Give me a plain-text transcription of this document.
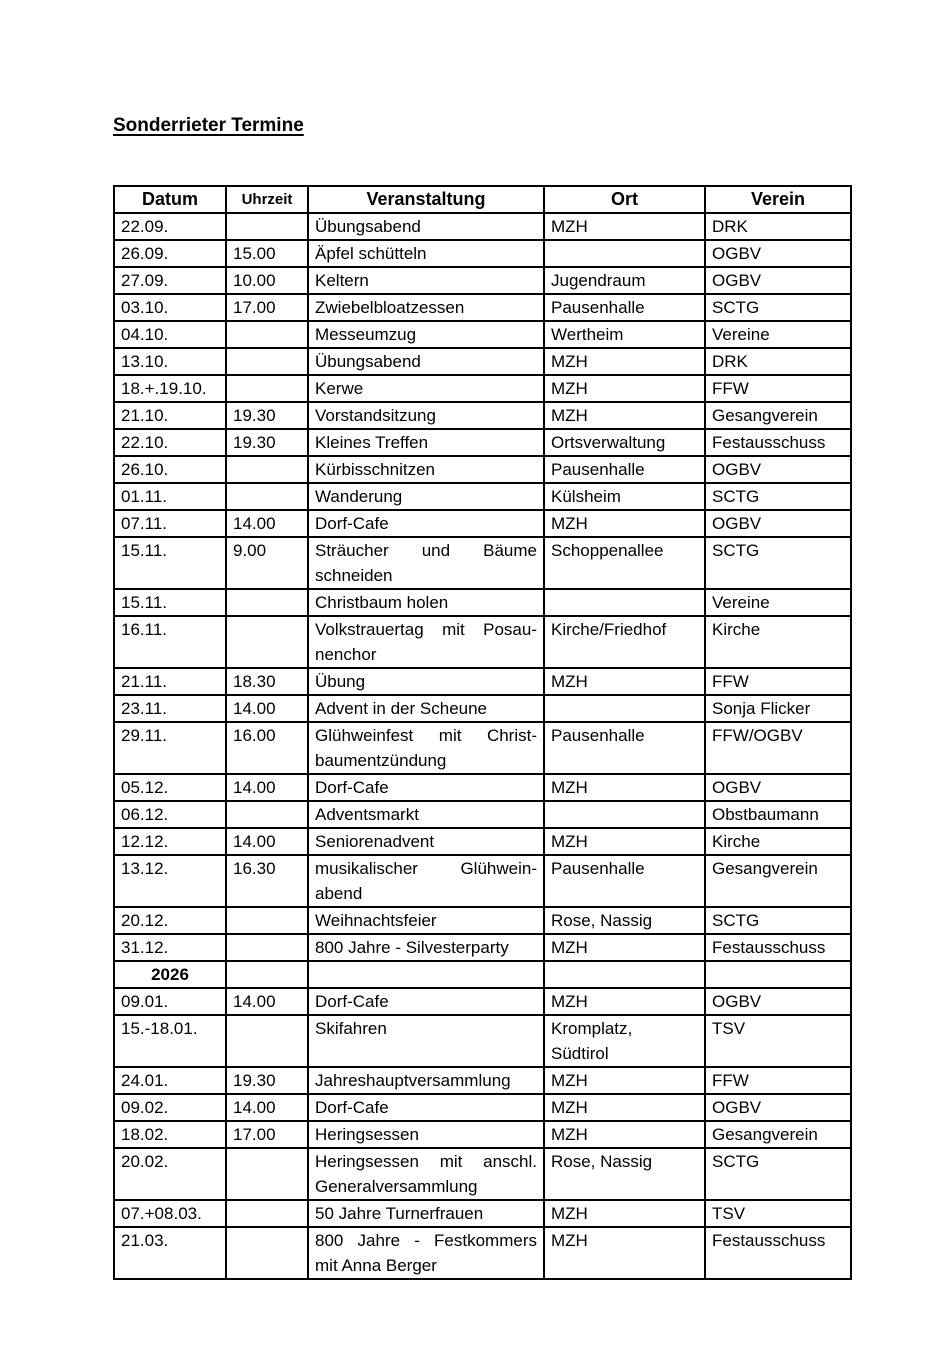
Sonderrieter Termine
Datum	Uhrzeit	Veranstaltung	Ort	Verein
22.09.		Übungsabend	MZH	DRK
26.09.	15.00	Äpfel schütteln		OGBV
27.09.	10.00	Keltern	Jugendraum	OGBV
03.10.	17.00	Zwiebelbloatzessen	Pausenhalle	SCTG
04.10.		Messeumzug	Wertheim	Vereine
13.10.		Übungsabend	MZH	DRK
18.+.19.10.		Kerwe	MZH	FFW
21.10.	19.30	Vorstandsitzung	MZH	Gesangverein
22.10.	19.30	Kleines Treffen	Ortsverwaltung	Festausschuss
26.10.		Kürbisschnitzen	Pausenhalle	OGBV
01.11.		Wanderung	Külsheim	SCTG
07.11.	14.00	Dorf-Cafe	MZH	OGBV
15.11.	9.00	Sträucher und Bäume
schneiden	Schoppenallee	SCTG
15.11.		Christbaum holen		Vereine
16.11.		Volkstrauertag mit Posau-
nenchor	Kirche/Friedhof	Kirche
21.11.	18.30	Übung	MZH	FFW
23.11.	14.00	Advent in der Scheune		Sonja Flicker
29.11.	16.00	Glühweinfest mit Christ-
baumentzündung	Pausenhalle	FFW/OGBV
05.12.	14.00	Dorf-Cafe	MZH	OGBV
06.12.		Adventsmarkt		Obstbaumann
12.12.	14.00	Seniorenadvent	MZH	Kirche
13.12.	16.30	musikalischer Glühwein-
abend	Pausenhalle	Gesangverein
20.12.		Weihnachtsfeier	Rose, Nassig	SCTG
31.12.		800 Jahre - Silvesterparty	MZH	Festausschuss
2026				
09.01.	14.00	Dorf-Cafe	MZH	OGBV
15.-18.01.		Skifahren	Kromplatz,
Südtirol	TSV
24.01.	19.30	Jahreshauptversammlung	MZH	FFW
09.02.	14.00	Dorf-Cafe	MZH	OGBV
18.02.	17.00	Heringsessen	MZH	Gesangverein
20.02.		Heringsessen mit anschl.
Generalversammlung	Rose, Nassig	SCTG
07.+08.03.		50 Jahre Turnerfrauen	MZH	TSV
21.03.		800 Jahre - Festkommers
mit Anna Berger	MZH	Festausschuss
